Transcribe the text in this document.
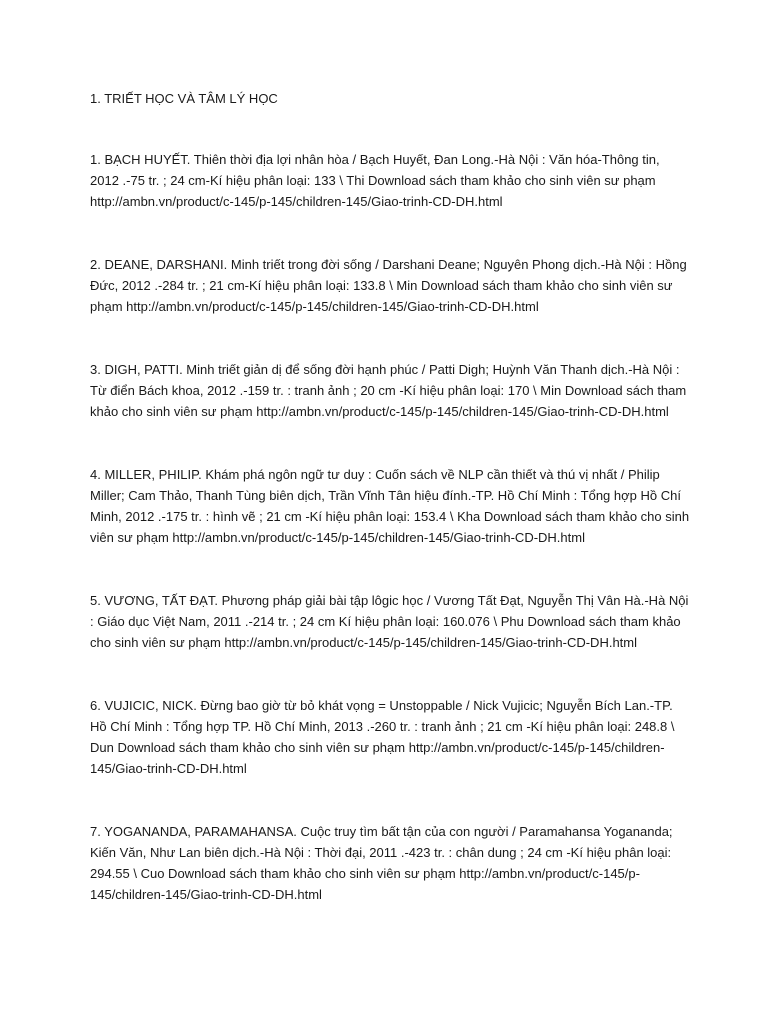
1. TRIẾT HỌC VÀ TÂM LÝ HỌC

1. BẠCH HUYẾT. Thiên thời địa lợi nhân hòa / Bạch Huyết, Đan Long.-Hà Nội : Văn hóa-Thông tin, 2012 .-75 tr. ; 24 cm-Kí hiệu phân loại: 133 \ Thi Download sách tham khảo cho sinh viên sư phạm http://ambn.vn/product/c-145/p-145/children-145/Giao-trinh-CD-DH.html

2. DEANE, DARSHANI. Minh triết trong đời sống / Darshani Deane; Nguyên Phong dịch.-Hà Nội : Hồng Đức, 2012 .-284 tr. ; 21 cm-Kí hiệu phân loại: 133.8 \ Min Download sách tham khảo cho sinh viên sư phạm http://ambn.vn/product/c-145/p-145/children-145/Giao-trinh-CD-DH.html

3. DIGH, PATTI. Minh triết giản dị để sống đời hạnh phúc / Patti Digh; Huỳnh Văn Thanh dịch.-Hà Nội : Từ điển Bách khoa, 2012 .-159 tr. : tranh ảnh ; 20 cm -Kí hiệu phân loại: 170 \ Min Download sách tham khảo cho sinh viên sư phạm http://ambn.vn/product/c-145/p-145/children-145/Giao-trinh-CD-DH.html

4. MILLER, PHILIP. Khám phá ngôn ngữ tư duy : Cuốn sách về NLP cần thiết và thú vị nhất / Philip Miller; Cam Thảo, Thanh Tùng biên dịch, Trần Vĩnh Tân hiệu đính.-TP. Hồ Chí Minh : Tổng hợp Hồ Chí Minh, 2012 .-175 tr. : hình vẽ ; 21 cm -Kí hiệu phân loại: 153.4 \ Kha Download sách tham khảo cho sinh viên sư phạm http://ambn.vn/product/c-145/p-145/children-145/Giao-trinh-CD-DH.html

5. VƯƠNG, TẤT ĐẠT. Phương pháp giải bài tập lôgic học / Vương Tất Đạt, Nguyễn Thị Vân Hà.-Hà Nội : Giáo dục Việt Nam, 2011 .-214 tr. ; 24 cm Kí hiệu phân loại: 160.076 \ Phu Download sách tham khảo cho sinh viên sư phạm http://ambn.vn/product/c-145/p-145/children-145/Giao-trinh-CD-DH.html

6. VUJICIC, NICK. Đừng bao giờ từ bỏ khát vọng = Unstoppable / Nick Vujicic; Nguyễn Bích Lan.-TP. Hồ Chí Minh : Tổng hợp TP. Hồ Chí Minh, 2013 .-260 tr. : tranh ảnh ; 21 cm -Kí hiệu phân loại: 248.8 \ Dun Download sách tham khảo cho sinh viên sư phạm http://ambn.vn/product/c-145/p-145/children-145/Giao-trinh-CD-DH.html

7. YOGANANDA, PARAMAHANSA. Cuộc truy tìm bất tận của con người / Paramahansa Yogananda; Kiến Văn, Như Lan biên dịch.-Hà Nội : Thời đại, 2011 .-423 tr. : chân dung ; 24 cm -Kí hiệu phân loại: 294.55 \ Cuo Download sách tham khảo cho sinh viên sư phạm http://ambn.vn/product/c-145/p-145/children-145/Giao-trinh-CD-DH.html
